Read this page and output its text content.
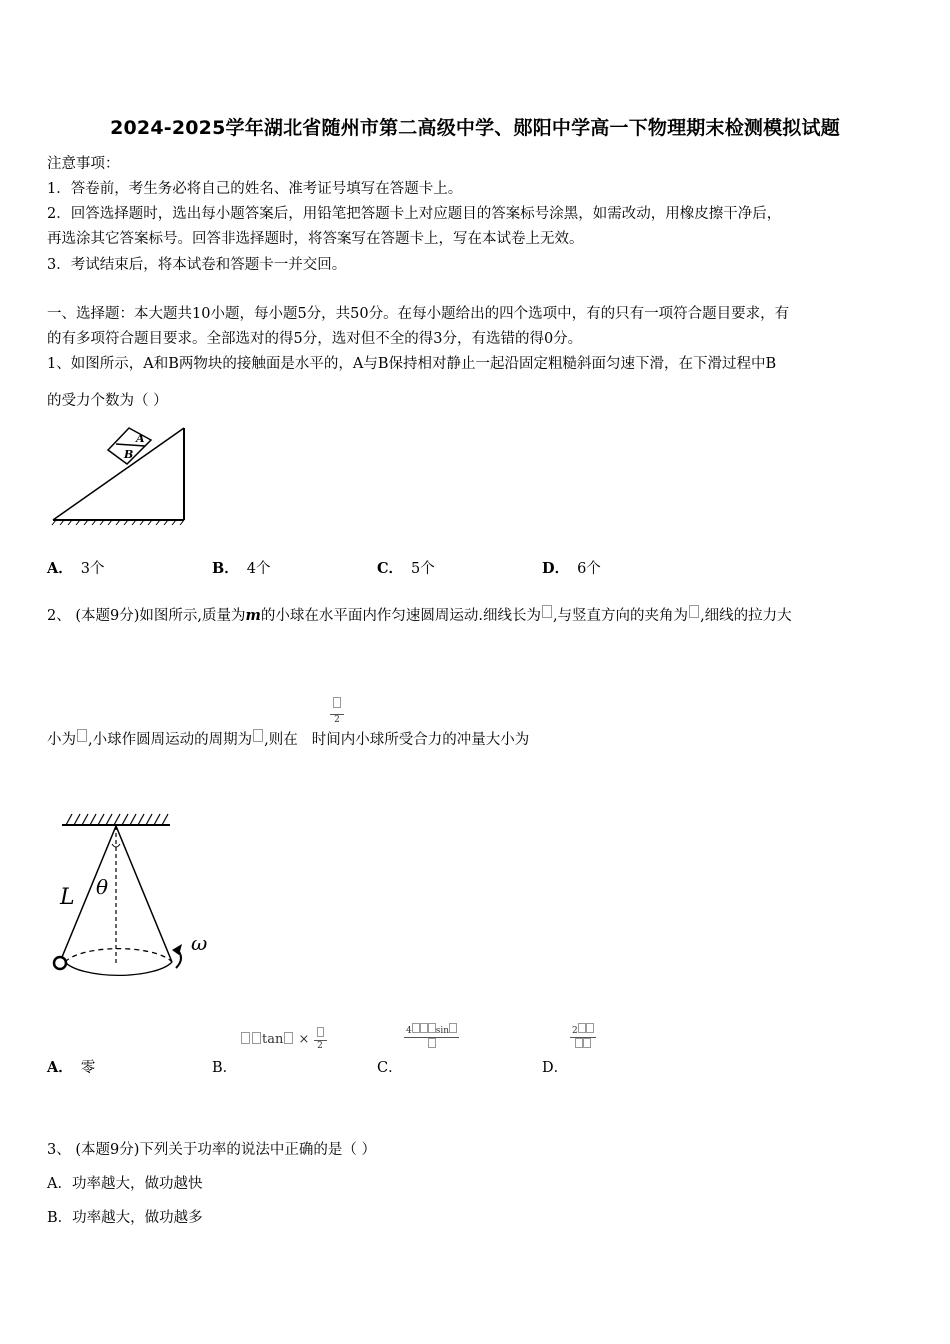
2024-2025学年湖北省随州市第二高级中学、郧阳中学高一下物理期末检测模拟试题
注意事项：
1．答卷前，考生务必将自己的姓名、准考证号填写在答题卡上。
2．回答选择题时，选出每小题答案后，用铅笔把答题卡上对应题目的答案标号涂黑，如需改动，用橡皮擦干净后，
再选涂其它答案标号。回答非选择题时，将答案写在答题卡上，写在本试卷上无效。
3．考试结束后，将本试卷和答题卡一并交回。
一、选择题：本大题共10小题，每小题5分，共50分。在每小题给出的四个选项中，有的只有一项符合题目要求，有
的有多项符合题目要求。全部选对的得5分，选对但不全的得3分，有选错的得0分。
1、如图所示，A和B两物块的接触面是水平的，A与B保持相对静止一起沿固定粗糙斜面匀速下滑，在下滑过程中B
的受力个数为（ ）
A
B
A． 3个	B． 4个	C． 5个	D． 6个
2、 (本题9分)如图所示,质量为m的小球在水平面内作匀速圆周运动.细线长为 ,与竖直方向的夹角为 ,细线的拉力大
小为 ,小球作圆周运动的周期为 ,则在 时间内小球所受合力的冲量大小为
2
L θ
ω
A． 零	B．	C．	D．
tan × 2
4	sin	2
3、 (本题9分)下列关于功率的说法中正确的是（ ）
A．功率越大，做功越快
B．功率越大，做功越多
